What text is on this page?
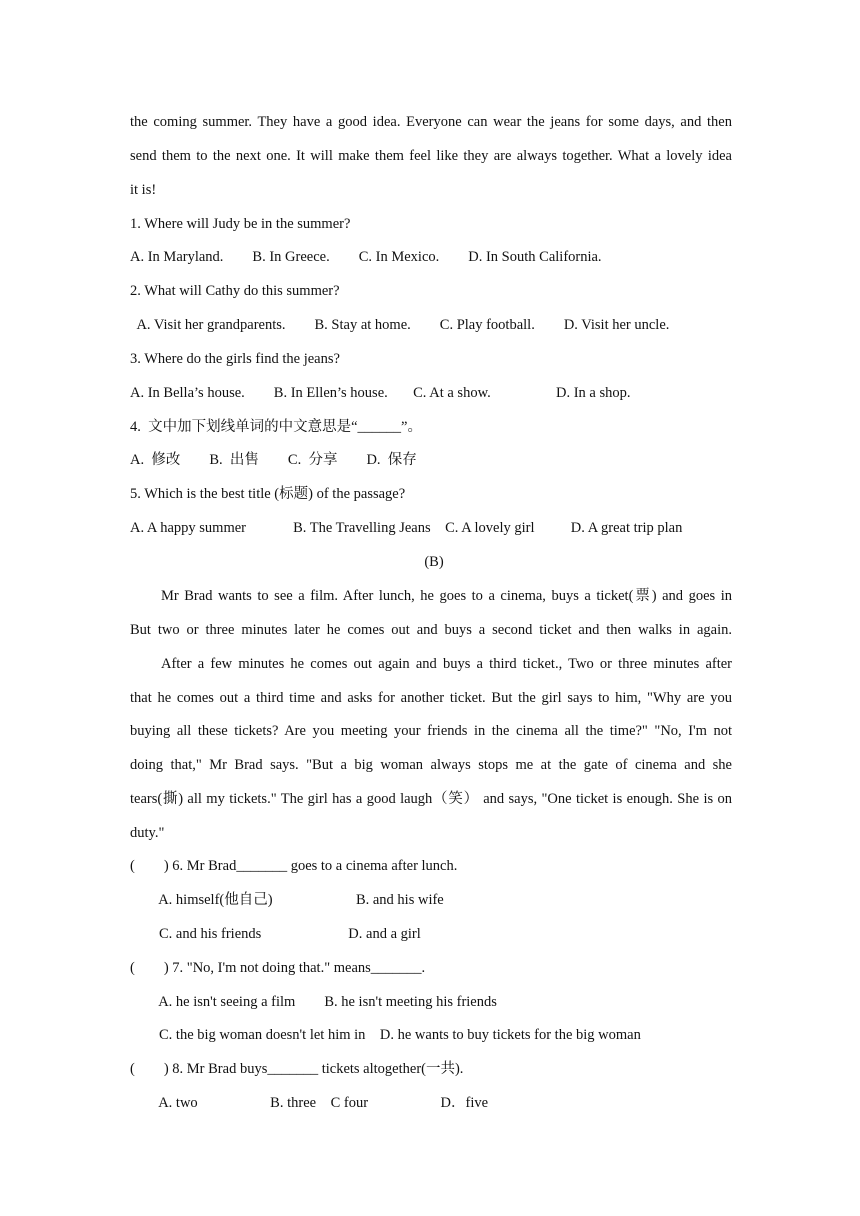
the coming summer. They have a good idea. Everyone can wear the jeans for some days, and then
send them to the next one. It will make them feel like they are always together. What a lovely idea
it is!
1. Where will Judy be in the summer?
A. In Maryland.        B. In Greece.        C. In Mexico.        D. In South California.
2. What will Cathy do this summer?
A. Visit her grandparents.        B. Stay at home.        C. Play football.        D. Visit her uncle.
3. Where do the girls find the jeans?
A. In Bella’s house.        B. In Ellen’s house.       C. At a show.                  D. In a shop.
4.  文中加下划线单词的中文意思是“______”。
A.  修改        B.  出售        C.  分享        D.  保存
5. Which is the best title (标题) of the passage?
A. A happy summer             B. The Travelling Jeans    C. A lovely girl          D. A great trip plan
(B)
Mr Brad wants to see a film. After lunch, he goes to a cinema, buys a ticket(票) and goes in
But two or three minutes later he comes out and buys a second ticket and then walks in again.
After a few minutes he comes out again and buys a third ticket., Two or three minutes after
that he comes out a third time and asks for another ticket. But the girl says to him, "Why are you
buying all these tickets? Are you meeting your friends in the cinema all the time?" "No, I'm not
doing that," Mr Brad says. "But a big woman always stops me at the gate of cinema and she
tears(撕) all my tickets." The girl has a good laugh（笑） and says, "One ticket is enough. She is on
duty."
(        ) 6. Mr Brad_______ goes to a cinema after lunch.
A. himself(他自己)                       B. and his wife
C. and his friends                        D. and a girl
(        ) 7. "No, I'm not doing that." means_______.
A. he isn't seeing a film        B. he isn't meeting his friends
C. the big woman doesn't let him in    D. he wants to buy tickets for the big woman
(        ) 8. Mr Brad buys_______ tickets altogether(一共).
A. two                    B. three    C four                    D．five
